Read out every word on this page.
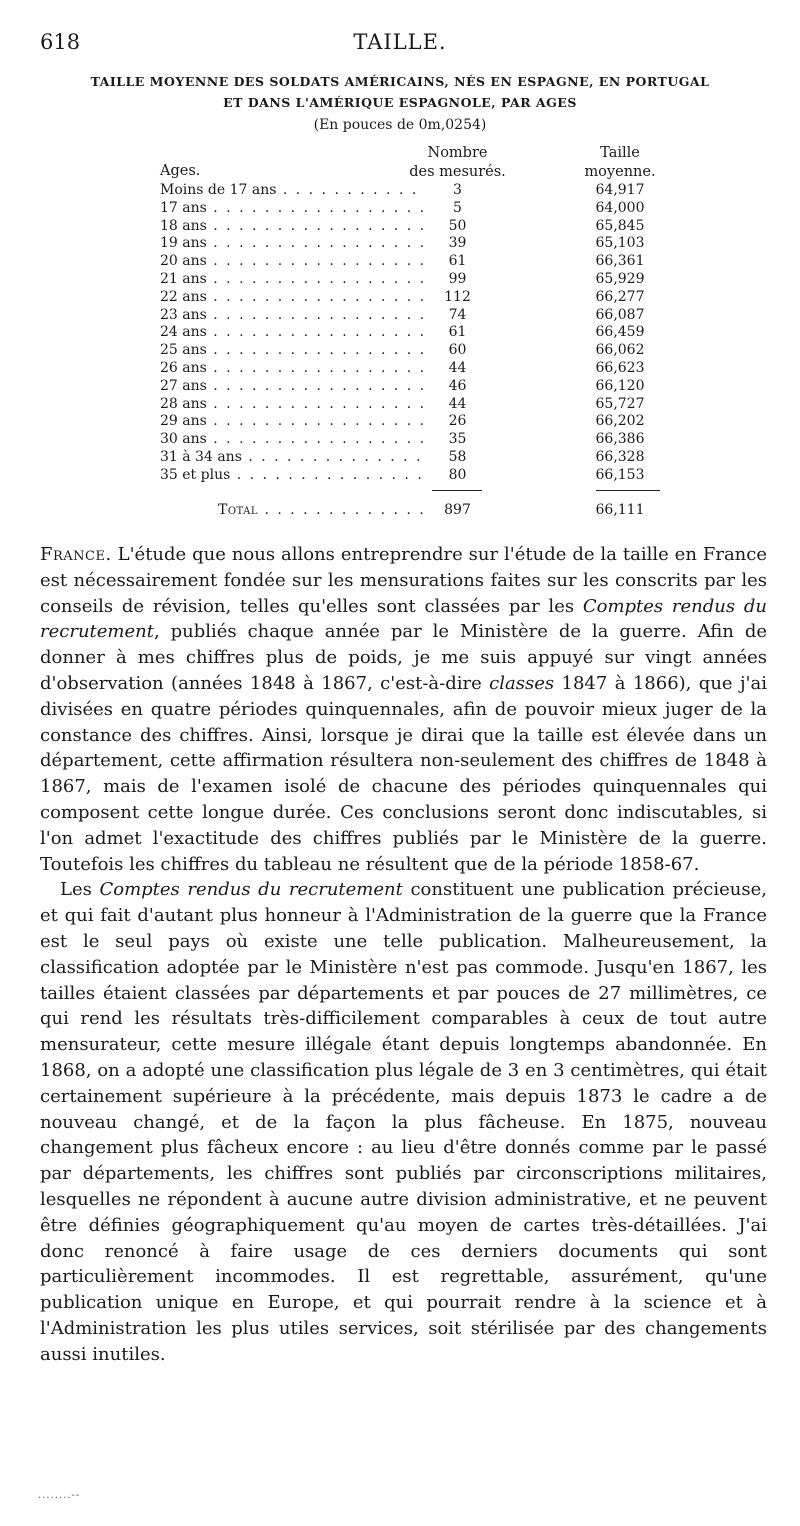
618	TAILLE.
TAILLE MOYENNE DES SOLDATS AMÉRICAINS, NÉS EN ESPAGNE, EN PORTUGAL
ET DANS L'AMÉRIQUE ESPAGNOLE, PAR AGES
(En pouces de 0m,0254)
Ages.
Nombre
des mesurés.
Taille
moyenne.
Moins de 17 ans . . .	3	64,917
17 ans . . .	5	64,000
18 ans . . .	50	65,845
19 ans . . .	39	65,103
20 ans . . .	61	66,361
21 ans . . .	99	65,929
22 ans . . .	112	66,277
23 ans . . .	74	66,087
24 ans . . .	61	66,459
25 ans . . .	60	66,062
26 ans . . .	44	66,623
27 ans . . .	46	66,120
28 ans . . .	44	65,727
29 ans . . .	26	66,202
30 ans . . .	35	66,386
31 à 34 ans . . .	58	66,328
35 et plus . . .	80	66,153
Total . . .	897	66,111

France. L'étude que nous allons entreprendre sur l'étude de la taille en France est nécessairement fondée sur les mensurations faites sur les conscrits par les conseils de révision, telles qu'elles sont classées par les Comptes rendus du recrutement, publiés chaque année par le Ministère de la guerre. Afin de donner à mes chiffres plus de poids, je me suis appuyé sur vingt années d'observation (années 1848 à 1867, c'est-à-dire classes 1847 à 1866), que j'ai divisées en quatre périodes quinquennales, afin de pouvoir mieux juger de la constance des chiffres. Ainsi, lorsque je dirai que la taille est élevée dans un département, cette affirmation résultera non-seulement des chiffres de 1848 à 1867, mais de l'examen isolé de chacune des périodes quinquennales qui composent cette longue durée. Ces conclusions seront donc indiscutables, si l'on admet l'exactitude des chiffres publiés par le Ministère de la guerre. Toutefois les chiffres du tableau ne résultent que de la période 1858-67.

Les Comptes rendus du recrutement constituent une publication précieuse, et qui fait d'autant plus honneur à l'Administration de la guerre que la France est le seul pays où existe une telle publication. Malheureusement, la classification adoptée par le Ministère n'est pas commode. Jusqu'en 1867, les tailles étaient classées par départements et par pouces de 27 millimètres, ce qui rend les résultats très-difficilement comparables à ceux de tout autre mensurateur, cette mesure illégale étant depuis longtemps abandonnée. En 1868, on a adopté une classification plus légale de 3 en 3 centimètres, qui était certainement supérieure à la précédente, mais depuis 1873 le cadre a de nouveau changé, et de la façon la plus fâcheuse. En 1875, nouveau changement plus fâcheux encore : au lieu d'être donnés comme par le passé par départements, les chiffres sont publiés par circonscriptions militaires, lesquelles ne répondent à aucune autre division administrative, et ne peuvent être définies géographiquement qu'au moyen de cartes très-détaillées. J'ai donc renoncé à faire usage de ces derniers documents qui sont particulièrement incommodes. Il est regrettable, assurément, qu'une publication unique en Europe, et qui pourrait rendre à la science et à l'Administration les plus utiles services, soit stérilisée par des changements aussi inutiles.

........--
